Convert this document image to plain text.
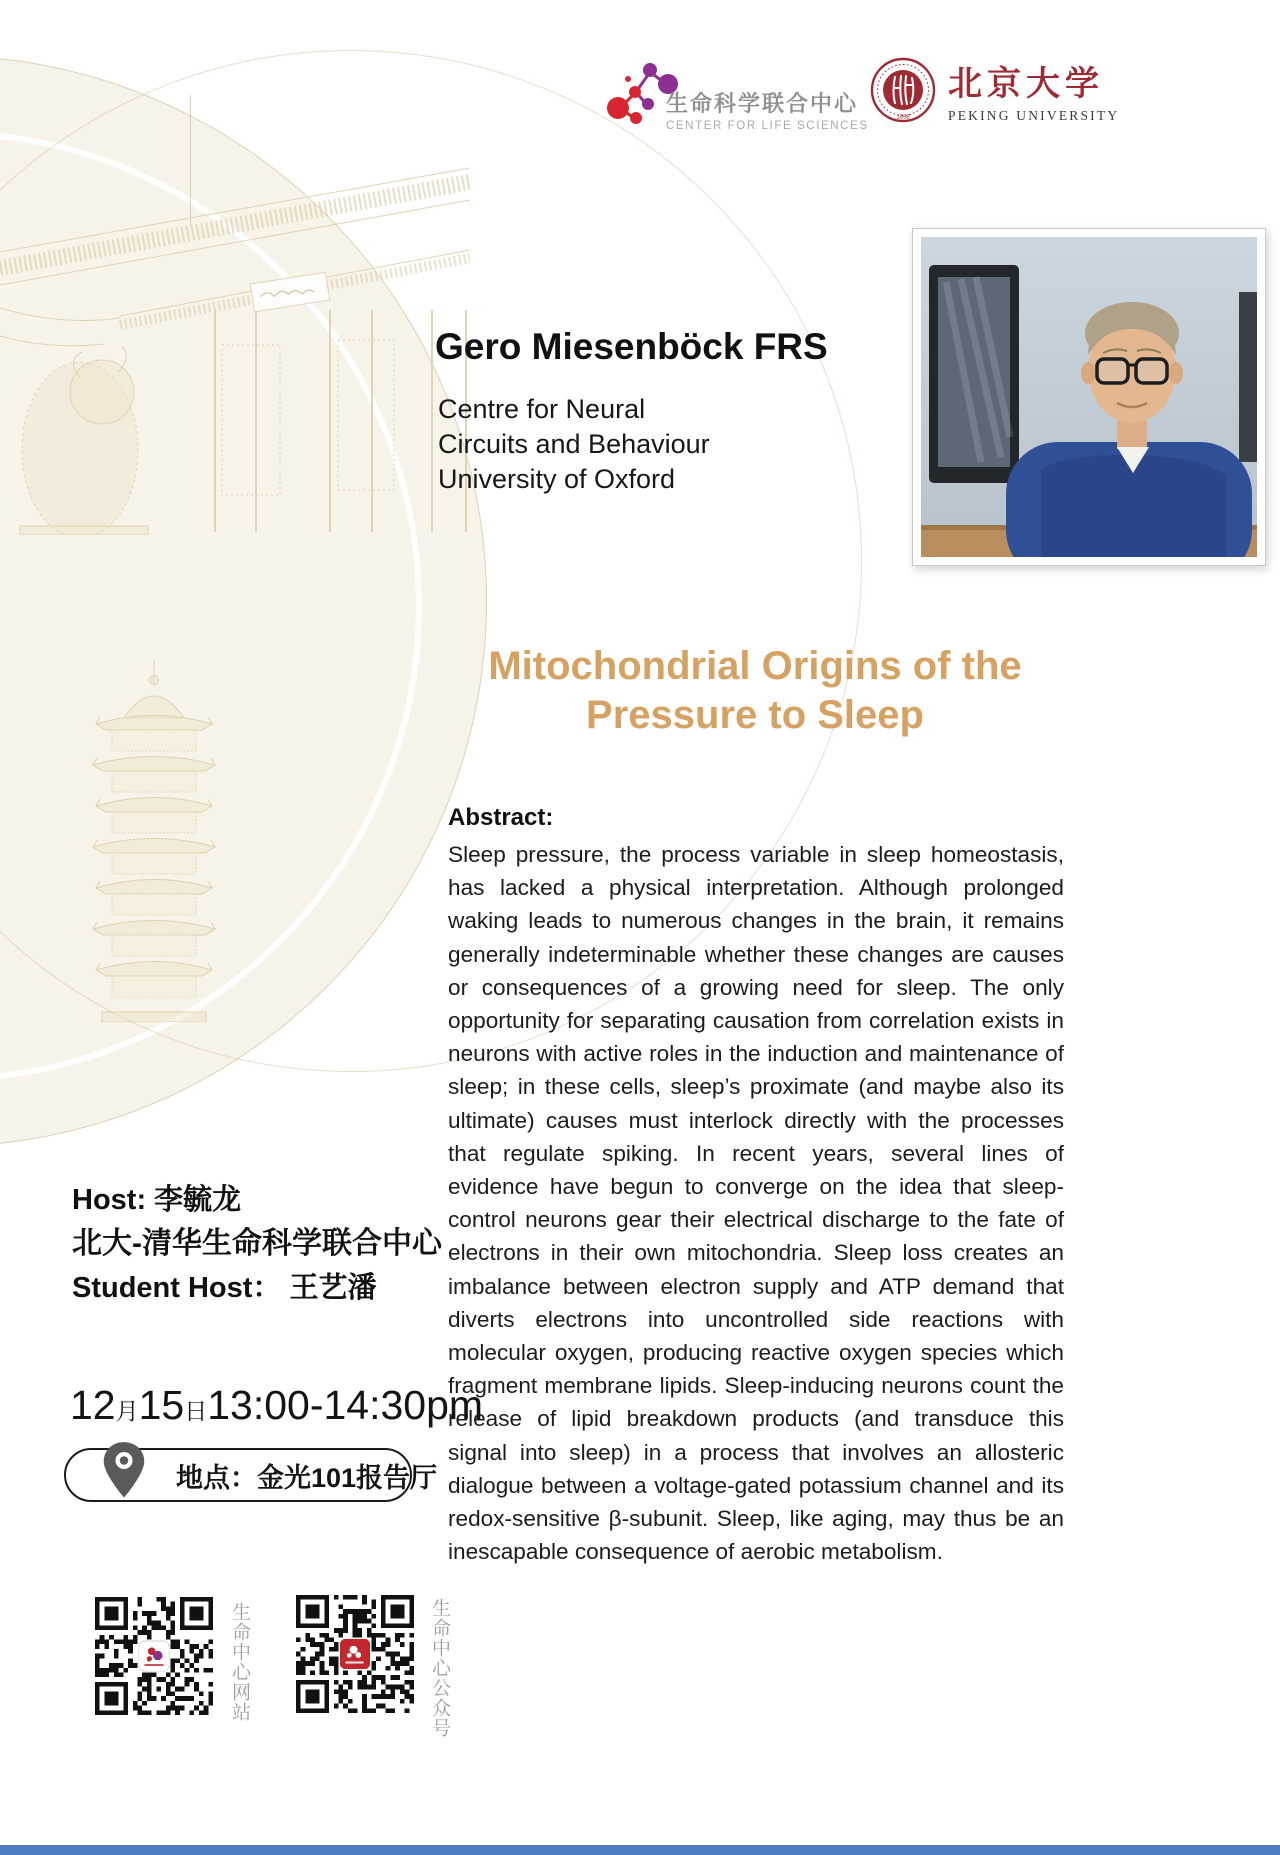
生命科学联合中心
CENTER FOR LIFE SCIENCES
1898
北京大学
PEKING UNIVERSITY
Gero Miesenböck FRS
Centre for Neural
Circuits and Behaviour
University of Oxford
Mitochondrial Origins of the
Pressure to Sleep
Abstract:
Sleep pressure, the process variable in sleep homeostasis, has lacked a physical interpretation. Although prolonged waking leads to numerous changes in the brain, it remains generally indeterminable whether these changes are causes or consequences of a growing need for sleep. The only opportunity for separating causation from correlation exists in neurons with active roles in the induction and maintenance of sleep; in these cells, sleep’s proximate (and maybe also its ultimate) causes must interlock directly with the processes that regulate spiking. In recent years, several lines of evidence have begun to converge on the idea that sleep-control neurons gear their electrical discharge to the fate of electrons in their own mitochondria. Sleep loss creates an imbalance between electron supply and ATP demand that diverts electrons into uncontrolled side reactions with molecular oxygen, producing reactive oxygen species which fragment membrane lipids. Sleep-inducing neurons count the release of lipid breakdown products (and transduce this signal into sleep) in a process that involves an allosteric dialogue between a voltage-gated potassium channel and its redox-sensitive β-subunit. Sleep, like aging, may thus be an inescapable consequence of aerobic metabolism.
Host: 李毓龙
北大-清华生命科学联合中心
Student Host： 王艺潘
12月15日13:00-14:30pm
地点：金光101报告厅
生命中心网站	生命中心公众号
